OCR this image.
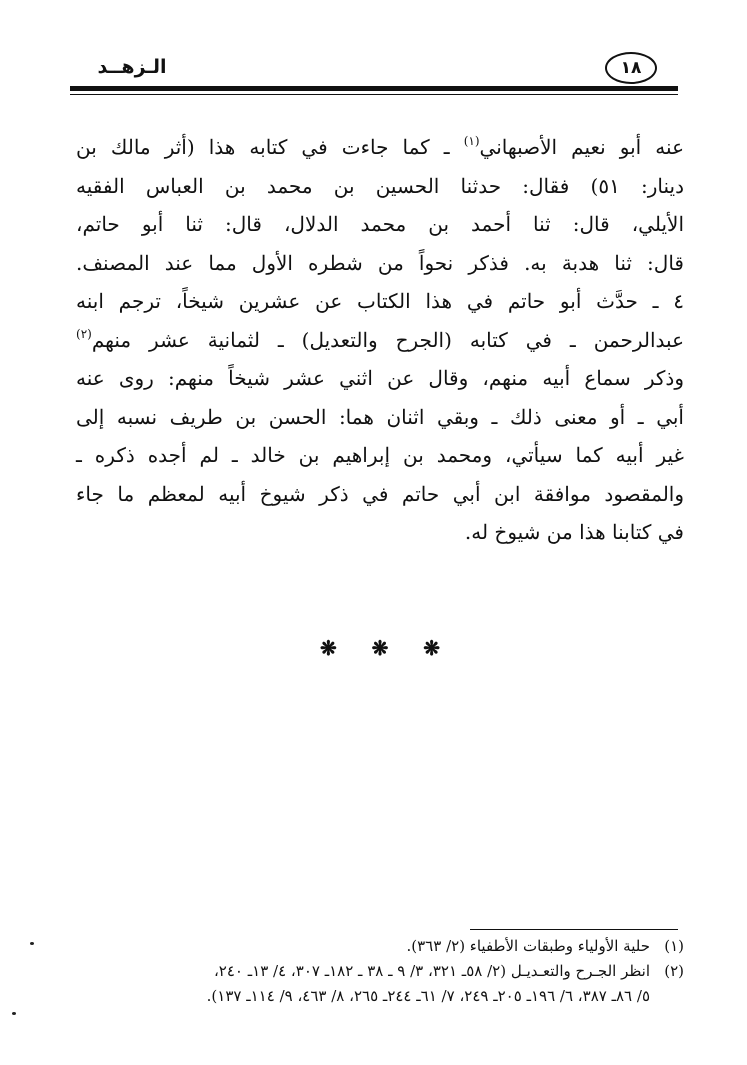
١٨
الـزهــد
عنه أبو نعيم الأصبهاني$^{(١)}$ ـ كما جاءت في كتابه هذا (أثر مالك بن
دينار: ٥١) فقال: حدثنا الحسين بن محمد بن العباس الفقيه
الأيلي، قال: ثنا أحمد بن محمد الدلال، قال: ثنا أبو حاتم،
قال: ثنا هدبة به. فذكر نحواً من شطره الأول مما عند المصنف.
٤ ـ حدَّث أبو حاتم في هذا الكتاب عن عشرين شيخاً، ترجم ابنه
عبدالرحمن ـ في كتابه (الجرح والتعديل) ـ لثمانية عشر منهم$^{(٢)}$
وذكر سماع أبيه منهم، وقال عن اثني عشر شيخاً منهم: روى عنه
أبي ـ أو معنى ذلك ـ وبقي اثنان هما: الحسن بن طريف نسبه إلى
غير أبيه كما سيأتي، ومحمد بن إبراهيم بن خالد ـ لم أجده ذكره ـ
والمقصود موافقة ابن أبي حاتم في ذكر شيوخ أبيه لمعظم ما جاء
في كتابنا هذا من شيوخ له.
❋ ❋ ❋
(١)حلية الأولياء وطبقات الأطفياء (٢/ ٣٦٣).
(٢)انظر الجـرح والتعـديـل (٢/ ٥٨ـ ٣٢١، ٣/ ٩ ـ ٣٨ ـ ١٨٢ـ ٣٠٧، ٤/ ١٣ـ ٢٤٠،
٥/ ٨٦ـ ٣٨٧، ٦/ ١٩٦ـ ٢٠٥ـ ٢٤٩، ٧/ ٦١ـ ٢٤٤ـ ٢٦٥، ٨/ ٤٦٣، ٩/ ١١٤ـ ١٣٧).
